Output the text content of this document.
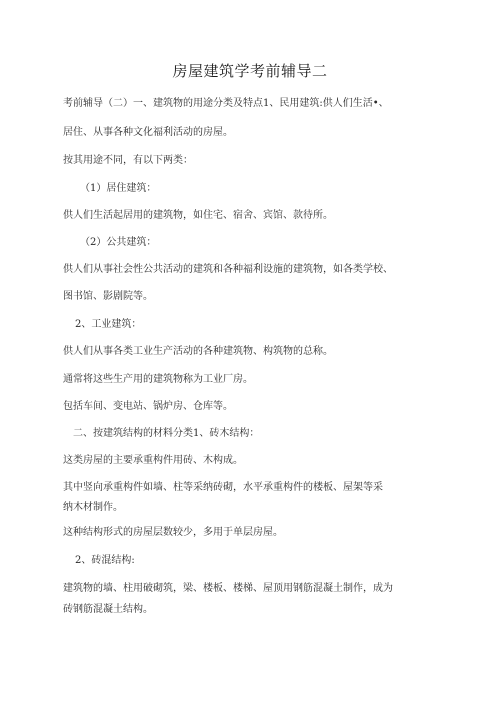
房屋建筑学考前辅导二
考前辅导（二）一、建筑物的用途分类及特点1、民用建筑:供人们生活•、
居住、从事各种文化福利活动的房屋。
按其用途不同，有以下两类：
（1）居住建筑：
供人们生活起居用的建筑物，如住宅、宿舍、宾馆、款待所。
（2）公共建筑：
供人们从事社会性公共活动的建筑和各种福利设施的建筑物，如各类学校、
图书馆、影剧院等。
2、工业建筑：
供人们从事各类工业生产活动的各种建筑物、构筑物的总称。
通常将这些生产用的建筑物称为工业厂房。
包括车间、变电站、锅炉房、仓库等。
二、按建筑结构的材料分类1、砖木结构：
这类房屋的主要承重构件用砖、木构成。
其中竖向承重构件如墙、柱等采纳砖砌，水平承重构件的楼板、屋架等采
纳木材制作。
这种结构形式的房屋层数较少，多用于单层房屋。
2、砖混结构:
建筑物的墙、柱用破砌筑，梁、楼板、楼梯、屋顶用钢筋混凝土制作，成为
砖钢筋混凝土结构。
